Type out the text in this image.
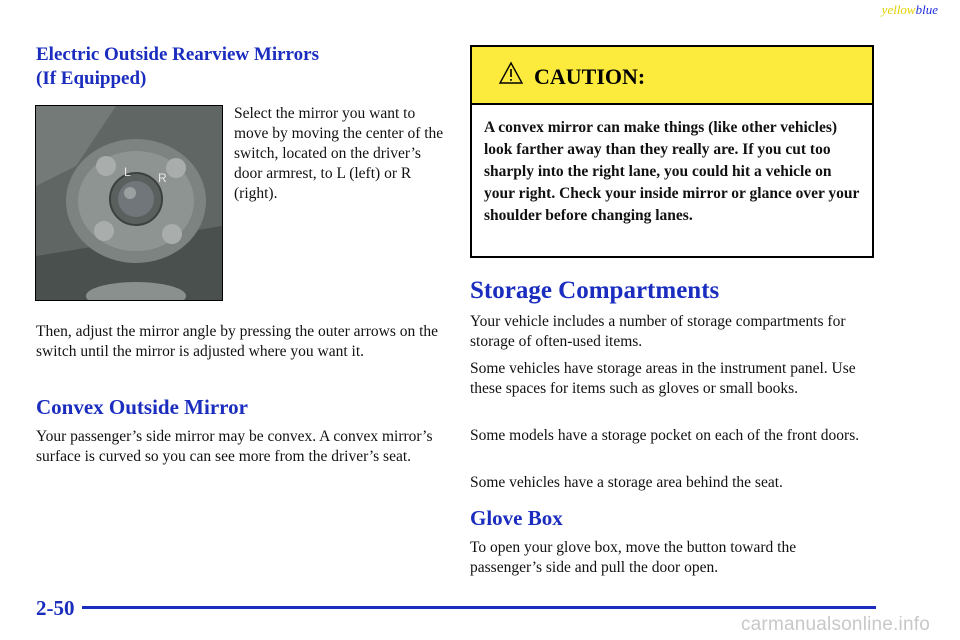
yellowblue
Electric Outside Rearview Mirrors
(If Equipped)
L R

Select the mirror you want to move by moving the center of the switch, located on the driver’s door armrest, to L (left) or R (right).

Then, adjust the mirror angle by pressing the outer arrows on the switch until the mirror is adjusted where you want it.

Convex Outside Mirror

Your passenger’s side mirror may be convex. A convex mirror’s surface is curved so you can see more from the driver’s seat.

CAUTION:

A convex mirror can make things (like other vehicles) look farther away than they really are. If you cut too sharply into the right lane, you could hit a vehicle on your right. Check your inside mirror or glance over your shoulder before changing lanes.

Storage Compartments

Your vehicle includes a number of storage compartments for storage of often-used items.

Some vehicles have storage areas in the instrument panel. Use these spaces for items such as gloves or small books.

Some models have a storage pocket on each of the front doors.

Some vehicles have a storage area behind the seat.

Glove Box

To open your glove box, move the button toward the passenger’s side and pull the door open.

2-50
carmanualsonline.info
